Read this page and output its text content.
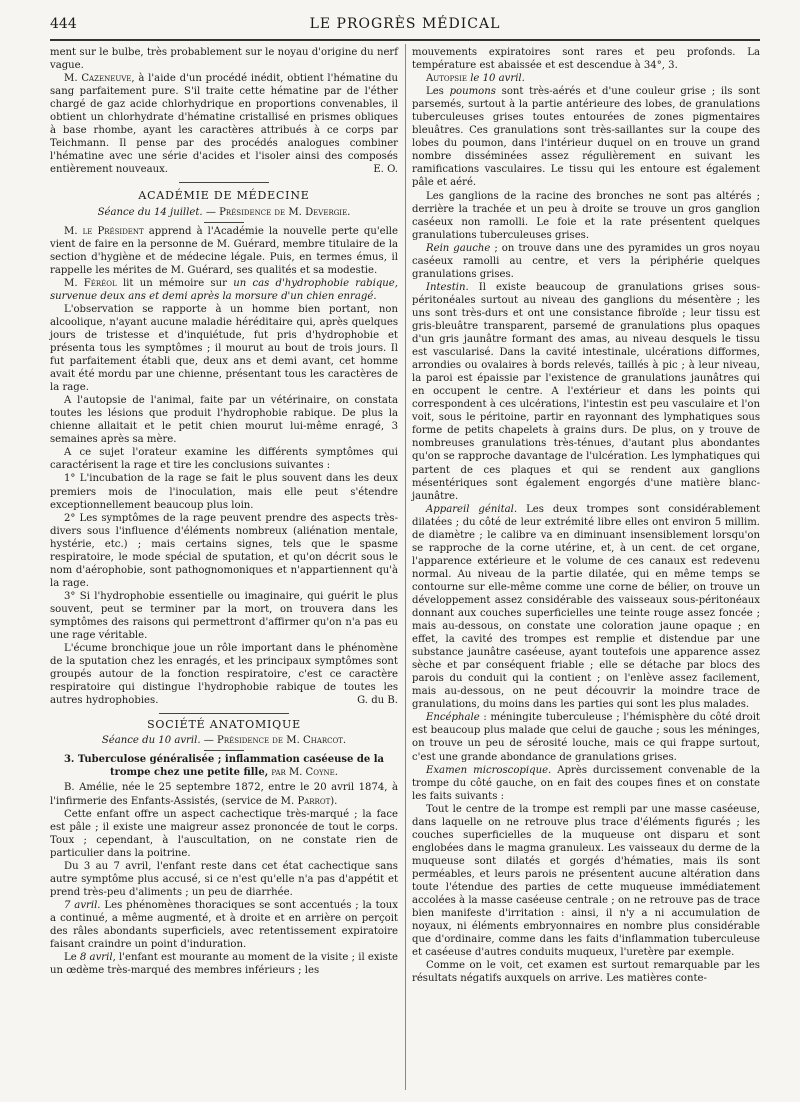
444	LE PROGRÈS MÉDICAL

ment sur le bulbe, très probablement sur le noyau d'origine du nerf vague.

M. Cazeneuve, à l'aide d'un procédé inédit, obtient l'hématine du sang parfaitement pure. S'il traite cette hématine par de l'éther chargé de gaz acide chlorhydrique en proportions convenables, il obtient un chlorhydrate d'hématine cristallisé en prismes obliques à base rhombe, ayant les caractères attribués à ce corps par Teichmann. Il pense par des procédés analogues combiner l'hématine avec une série d'acides et l'isoler ainsi des composés entièrement nouveaux.	E. O.

ACADÉMIE DE MÉDECINE
Séance du 14 juillet. — Présidence de M. Devergie.

M. le Président apprend à l'Académie la nouvelle perte qu'elle vient de faire en la personne de M. Guérard, membre titulaire de la section d'hygiène et de médecine légale. Puis, en termes émus, il rappelle les mérites de M. Guérard, ses qualités et sa modestie.

M. Féréol lit un mémoire sur un cas d'hydrophobie rabique, survenue deux ans et demi après la morsure d'un chien enragé.

L'observation se rapporte à un homme bien portant, non alcoolique, n'ayant aucune maladie héréditaire qui, après quelques jours de tristesse et d'inquiétude, fut pris d'hydrophobie et présenta tous les symptômes ; il mourut au bout de trois jours. Il fut parfaitement établi que, deux ans et demi avant, cet homme avait été mordu par une chienne, présentant tous les caractères de la rage.

A l'autopsie de l'animal, faite par un vétérinaire, on constata toutes les lésions que produit l'hydrophobie rabique. De plus la chienne allaitait et le petit chien mourut lui-même enragé, 3 semaines après sa mère.

A ce sujet l'orateur examine les différents symptômes qui caractérisent la rage et tire les conclusions suivantes :

1° L'incubation de la rage se fait le plus souvent dans les deux premiers mois de l'inoculation, mais elle peut s'étendre exceptionnellement beaucoup plus loin.

2° Les symptômes de la rage peuvent prendre des aspects très-divers sous l'influence d'éléments nombreux (aliénation mentale, hystérie, etc.) ; mais certains signes, tels que le spasme respiratoire, le mode spécial de sputation, et qu'on décrit sous le nom d'aérophobie, sont pathognomoniques et n'appartiennent qu'à la rage.

3° Si l'hydrophobie essentielle ou imaginaire, qui guérit le plus souvent, peut se terminer par la mort, on trouvera dans les symptômes des raisons qui permettront d'affirmer qu'on n'a pas eu une rage véritable.

L'écume bronchique joue un rôle important dans le phénomène de la sputation chez les enragés, et les principaux symptômes sont groupés autour de la fonction respiratoire, c'est ce caractère respiratoire qui distingue l'hydrophobie rabique de toutes les autres hydrophobies.	G. du B.

SOCIÉTÉ ANATOMIQUE
Séance du 10 avril. — Présidence de M. Charcot.
3. Tuberculose généralisée ; inflammation caséeuse de la trompe chez une petite fille, par M. Coyne.

B. Amélie, née le 25 septembre 1872, entre le 20 avril 1874, à l'infirmerie des Enfants-Assistés, (service de M. Parrot).

Cette enfant offre un aspect cachectique très-marqué ; la face est pâle ; il existe une maigreur assez prononcée de tout le corps. Toux ; cependant, à l'auscultation, on ne constate rien de particulier dans la poitrine.

Du 3 au 7 avril, l'enfant reste dans cet état cachectique sans autre symptôme plus accusé, si ce n'est qu'elle n'a pas d'appétit et prend très-peu d'aliments ; un peu de diarrhée.

7 avril. Les phénomènes thoraciques se sont accentués ; la toux a continué, a même augmenté, et à droite et en arrière on perçoit des râles abondants superficiels, avec retentissement expiratoire faisant craindre un point d'induration.

Le 8 avril, l'enfant est mourante au moment de la visite ; il existe un œdème très-marqué des membres inférieurs ; les

mouvements expiratoires sont rares et peu profonds. La température est abaissée et est descendue à 34°, 3.

Autopsie le 10 avril.

Les poumons sont très-aérés et d'une couleur grise ; ils sont parsemés, surtout à la partie antérieure des lobes, de granulations tuberculeuses grises toutes entourées de zones pigmentaires bleuâtres. Ces granulations sont très-saillantes sur la coupe des lobes du poumon, dans l'intérieur duquel on en trouve un grand nombre disséminées assez régulièrement en suivant les ramifications vasculaires. Le tissu qui les entoure est également pâle et aéré.

Les ganglions de la racine des bronches ne sont pas altérés ; derrière la trachée et un peu à droite se trouve un gros ganglion caséeux non ramolli. Le foie et la rate présentent quelques granulations tuberculeuses grises.

Rein gauche ; on trouve dans une des pyramides un gros noyau caséeux ramolli au centre, et vers la périphérie quelques granulations grises.

Intestin. Il existe beaucoup de granulations grises sous-péritonéales surtout au niveau des ganglions du mésentère ; les uns sont très-durs et ont une consistance fibroïde ; leur tissu est gris-bleuâtre transparent, parsemé de granulations plus opaques d'un gris jaunâtre formant des amas, au niveau desquels le tissu est vascularisé. Dans la cavité intestinale, ulcérations difformes, arrondies ou ovalaires à bords relevés, taillés à pic ; à leur niveau, la paroi est épaissie par l'existence de granulations jaunâtres qui en occupent le centre. A l'extérieur et dans les points qui correspondent à ces ulcérations, l'intestin est peu vasculaire et l'on voit, sous le péritoine, partir en rayonnant des lymphatiques sous forme de petits chapelets à grains durs. De plus, on y trouve de nombreuses granulations très-ténues, d'autant plus abondantes qu'on se rapproche davantage de l'ulcération. Les lymphatiques qui partent de ces plaques et qui se rendent aux ganglions mésentériques sont également engorgés d'une matière blanc-jaunâtre.

Appareil génital. Les deux trompes sont considérablement dilatées ; du côté de leur extrémité libre elles ont environ 5 millim. de diamètre ; le calibre va en diminuant insensiblement lorsqu'on se rapproche de la corne utérine, et, à un cent. de cet organe, l'apparence extérieure et le volume de ces canaux est redevenu normal. Au niveau de la partie dilatée, qui en même temps se contourne sur elle-même comme une corne de bélier, on trouve un développement assez considérable des vaisseaux sous-péritonéaux donnant aux couches superficielles une teinte rouge assez foncée ; mais au-dessous, on constate une coloration jaune opaque ; en effet, la cavité des trompes est remplie et distendue par une substance jaunâtre caséeuse, ayant toutefois une apparence assez sèche et par conséquent friable ; elle se détache par blocs des parois du conduit qui la contient ; on l'enlève assez facilement, mais au-dessous, on ne peut découvrir la moindre trace de granulations, du moins dans les parties qui sont les plus malades.

Encéphale : méningite tuberculeuse ; l'hémisphère du côté droit est beaucoup plus malade que celui de gauche ; sous les méninges, on trouve un peu de sérosité louche, mais ce qui frappe surtout, c'est une grande abondance de granulations grises.

Examen microscopique. Après durcissement convenable de la trompe du côté gauche, on en fait des coupes fines et on constate les faits suivants :

Tout le centre de la trompe est rempli par une masse caséeuse, dans laquelle on ne retrouve plus trace d'éléments figurés ; les couches superficielles de la muqueuse ont disparu et sont englobées dans le magma granuleux. Les vaisseaux du derme de la muqueuse sont dilatés et gorgés d'hématies, mais ils sont perméables, et leurs parois ne présentent aucune altération dans toute l'étendue des parties de cette muqueuse immédiatement accolées à la masse caséeuse centrale ; on ne retrouve pas de trace bien manifeste d'irritation : ainsi, il n'y a ni accumulation de noyaux, ni éléments embryonnaires en nombre plus considérable que d'ordinaire, comme dans les faits d'inflammation tuberculeuse et caséeuse d'autres conduits muqueux, l'uretère par exemple.

Comme on le voit, cet examen est surtout remarquable par les résultats négatifs auxquels on arrive. Les matières conte-
